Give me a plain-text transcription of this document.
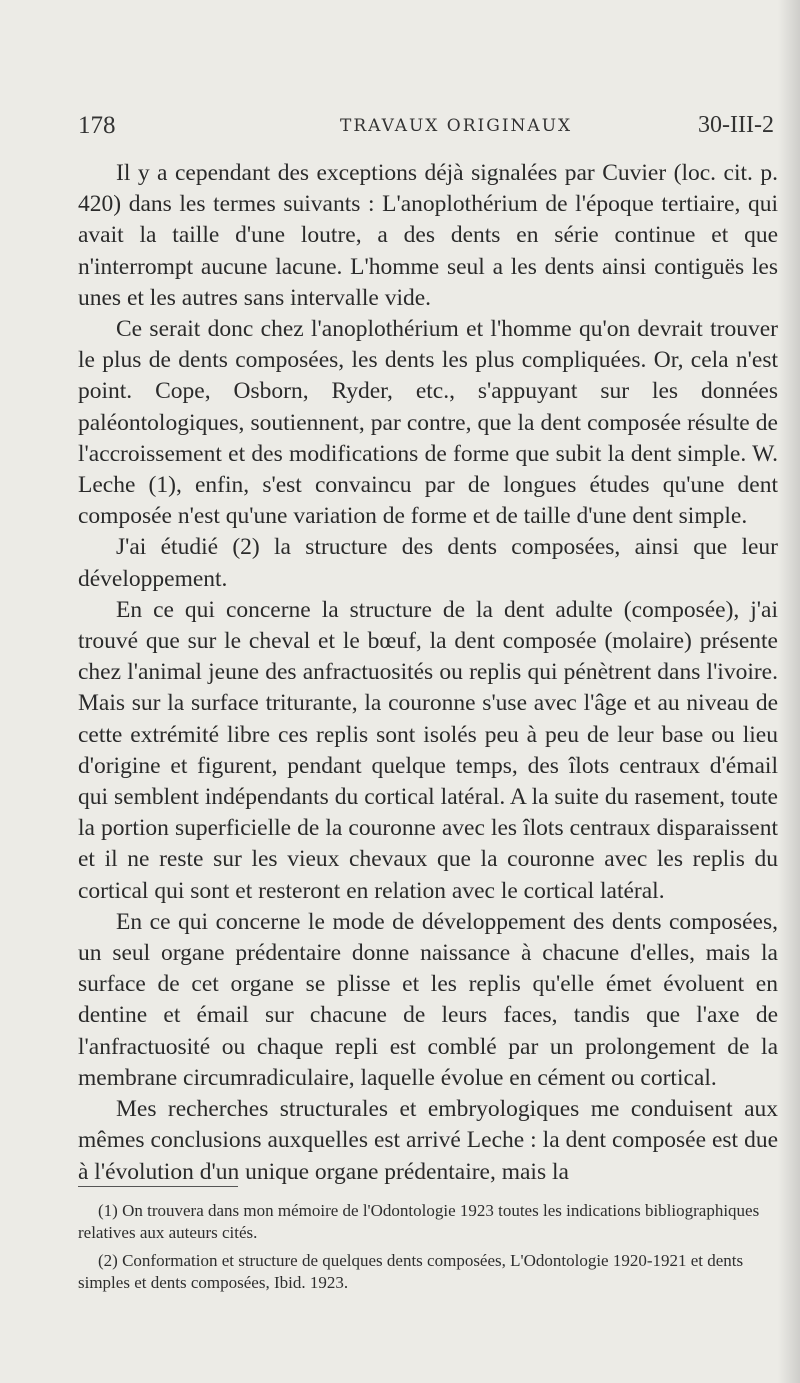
178	TRAVAUX ORIGINAUX	30-III-2

Il y a cependant des exceptions déjà signalées par Cuvier (loc. cit. p. 420) dans les termes suivants : L'anoplothérium de l'époque tertiaire, qui avait la taille d'une loutre, a des dents en série continue et que n'interrompt aucune lacune. L'homme seul a les dents ainsi contiguës les unes et les autres sans intervalle vide.

Ce serait donc chez l'anoplothérium et l'homme qu'on devrait trouver le plus de dents composées, les dents les plus compliquées. Or, cela n'est point. Cope, Osborn, Ryder, etc., s'appuyant sur les données paléontologiques, soutiennent, par contre, que la dent composée résulte de l'accroissement et des modifications de forme que subit la dent simple. W. Leche (1), enfin, s'est convaincu par de longues études qu'une dent composée n'est qu'une variation de forme et de taille d'une dent simple.

J'ai étudié (2) la structure des dents composées, ainsi que leur développement.

En ce qui concerne la structure de la dent adulte (composée), j'ai trouvé que sur le cheval et le bœuf, la dent composée (molaire) présente chez l'animal jeune des anfractuosités ou replis qui pénètrent dans l'ivoire. Mais sur la surface triturante, la couronne s'use avec l'âge et au niveau de cette extrémité libre ces replis sont isolés peu à peu de leur base ou lieu d'origine et figurent, pendant quelque temps, des îlots centraux d'émail qui semblent indépendants du cortical latéral. A la suite du rasement, toute la portion superficielle de la couronne avec les îlots centraux disparaissent et il ne reste sur les vieux chevaux que la couronne avec les replis du cortical qui sont et resteront en relation avec le cortical latéral.

En ce qui concerne le mode de développement des dents composées, un seul organe prédentaire donne naissance à chacune d'elles, mais la surface de cet organe se plisse et les replis qu'elle émet évoluent en dentine et émail sur chacune de leurs faces, tandis que l'axe de l'anfractuosité ou chaque repli est comblé par un prolongement de la membrane circumradiculaire, laquelle évolue en cément ou cortical.

Mes recherches structurales et embryologiques me conduisent aux mêmes conclusions auxquelles est arrivé Leche : la dent composée est due à l'évolution d'un unique organe prédentaire, mais la

(1) On trouvera dans mon mémoire de l'Odontologie 1923 toutes les indications bibliographiques relatives aux auteurs cités.

(2) Conformation et structure de quelques dents composées, L'Odontologie 1920-1921 et dents simples et dents composées, Ibid. 1923.
